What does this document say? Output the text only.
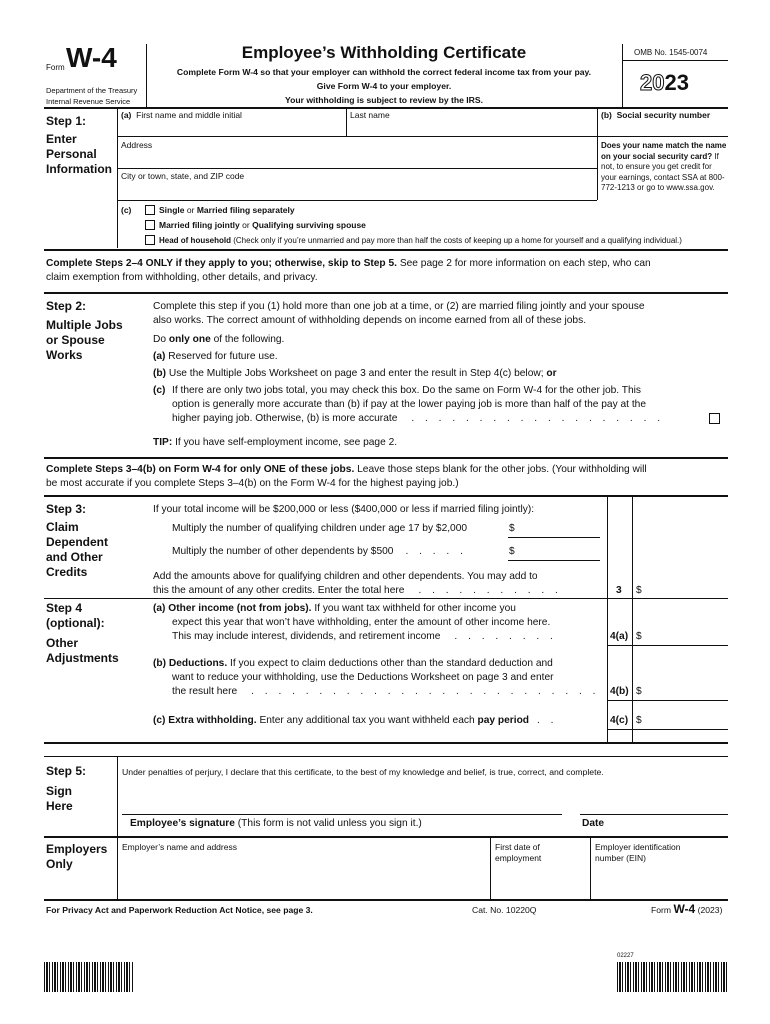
Form W-4
Department of the Treasury
Internal Revenue Service
Employee’s Withholding Certificate
Complete Form W-4 so that your employer can withhold the correct federal income tax from your pay.
Give Form W-4 to your employer.
Your withholding is subject to review by the IRS.
OMB No. 1545-0074
2023
Step 1:
Enter
Personal
Information
(a) First name and middle initial	Last name	(b) Social security number
Address
City or town, state, and ZIP code
Does your name match the name on your social security card? If not, to ensure you get credit for your earnings, contact SSA at 800-772-1213 or go to www.ssa.gov.
(c)	Single or Married filing separately
Married filing jointly or Qualifying surviving spouse
Head of household (Check only if you’re unmarried and pay more than half the costs of keeping up a home for yourself and a qualifying individual.)
Complete Steps 2–4 ONLY if they apply to you; otherwise, skip to Step 5. See page 2 for more information on each step, who can
claim exemption from withholding, other details, and privacy.
Step 2:
Multiple Jobs
or Spouse
Works
Complete this step if you (1) hold more than one job at a time, or (2) are married filing jointly and your spouse
also works. The correct amount of withholding depends on income earned from all of these jobs.
Do only one of the following.
(a) Reserved for future use.
(b) Use the Multiple Jobs Worksheet on page 3 and enter the result in Step 4(c) below; or
(c) If there are only two jobs total, you may check this box. Do the same on Form W-4 for the other job. This
option is generally more accurate than (b) if pay at the lower paying job is more than half of the pay at the
higher paying job. Otherwise, (b) is more accurate . . . . . . . . . . . . . . . . . . .
TIP: If you have self-employment income, see page 2.
Complete Steps 3–4(b) on Form W-4 for only ONE of these jobs. Leave those steps blank for the other jobs. (Your withholding will
be most accurate if you complete Steps 3–4(b) on the Form W-4 for the highest paying job.)
Step 3:
Claim
Dependent
and Other
Credits
If your total income will be $200,000 or less ($400,000 or less if married filing jointly):
Multiply the number of qualifying children under age 17 by $2,000	$
Multiply the number of other dependents by $500 . . . . .	$
Add the amounts above for qualifying children and other dependents. You may add to
this the amount of any other credits. Enter the total here . . . . . . . . . . .	3 $
Step 4
(optional):
Other
Adjustments
(a) Other income (not from jobs). If you want tax withheld for other income you
expect this year that won’t have withholding, enter the amount of other income here.
This may include interest, dividends, and retirement income . . . . . . . .	4(a) $
(b) Deductions. If you expect to claim deductions other than the standard deduction and
want to reduce your withholding, use the Deductions Worksheet on page 3 and enter
the result here . . . . . . . . . . . . . . . . . . . . . . . . . . 4(b) $
(c) Extra withholding. Enter any additional tax you want withheld each pay period . .	4(c) $
Step 5:
Sign
Here
Under penalties of perjury, I declare that this certificate, to the best of my knowledge and belief, is true, correct, and complete.
Employee’s signature (This form is not valid unless you sign it.)	Date
Employers
Only
Employer’s name and address	First date of
employment
Employer identification
number (EIN)
For Privacy Act and Paperwork Reduction Act Notice, see page 3.	Cat. No. 10220Q	Form W-4 (2023)
02227
